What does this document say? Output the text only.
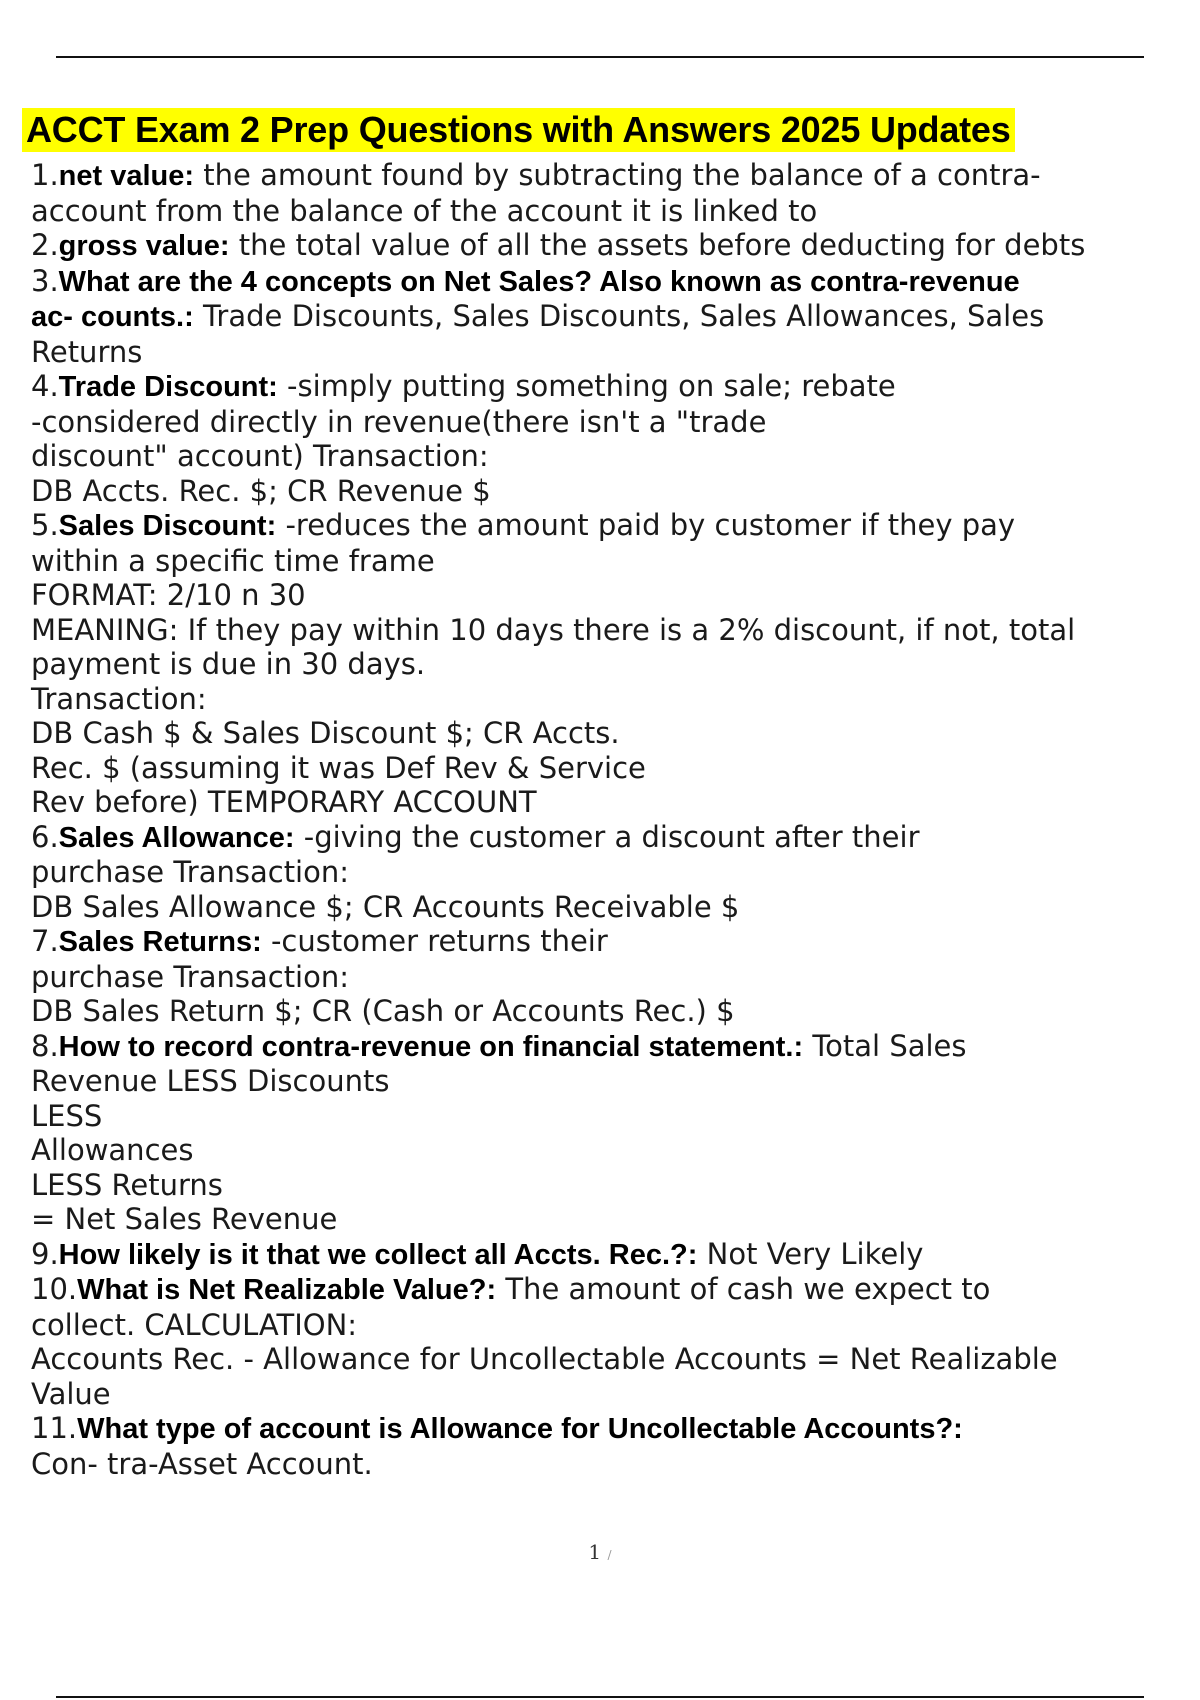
ACCT Exam 2 Prep Questions with Answers 2025 Updates
1.net value: the amount found by subtracting the balance of a contra-
account from the balance of the account it is linked to
2.gross value: the total value of all the assets before deducting for debts
3.What are the 4 concepts on Net Sales? Also known as contra-revenue
ac- counts.: Trade Discounts, Sales Discounts, Sales Allowances, Sales
Returns
4.Trade Discount: -simply putting something on sale; rebate
-considered directly in revenue(there isn't a "trade
discount" account) Transaction:
DB Accts. Rec. $; CR Revenue $
5.Sales Discount: -reduces the amount paid by customer if they pay
within a specific time frame
FORMAT: 2/10 n 30
MEANING: If they pay within 10 days there is a 2% discount, if not, total
payment is due in 30 days.
Transaction:
DB Cash $ & Sales Discount $; CR Accts.
Rec. $ (assuming it was Def Rev & Service
Rev before) TEMPORARY ACCOUNT
6.Sales Allowance: -giving the customer a discount after their
purchase Transaction:
DB Sales Allowance $; CR Accounts Receivable $
7.Sales Returns: -customer returns their
purchase Transaction:
DB Sales Return $; CR (Cash or Accounts Rec.) $
8.How to record contra-revenue on financial statement.: Total Sales
Revenue LESS Discounts
LESS
Allowances
LESS Returns
= Net Sales Revenue
9.How likely is it that we collect all Accts. Rec.?: Not Very Likely
10.What is Net Realizable Value?: The amount of cash we expect to
collect. CALCULATION:
Accounts Rec. - Allowance for Uncollectable Accounts = Net Realizable
Value
11.What type of account is Allowance for Uncollectable Accounts?:
Con- tra-Asset Account.
1 /
